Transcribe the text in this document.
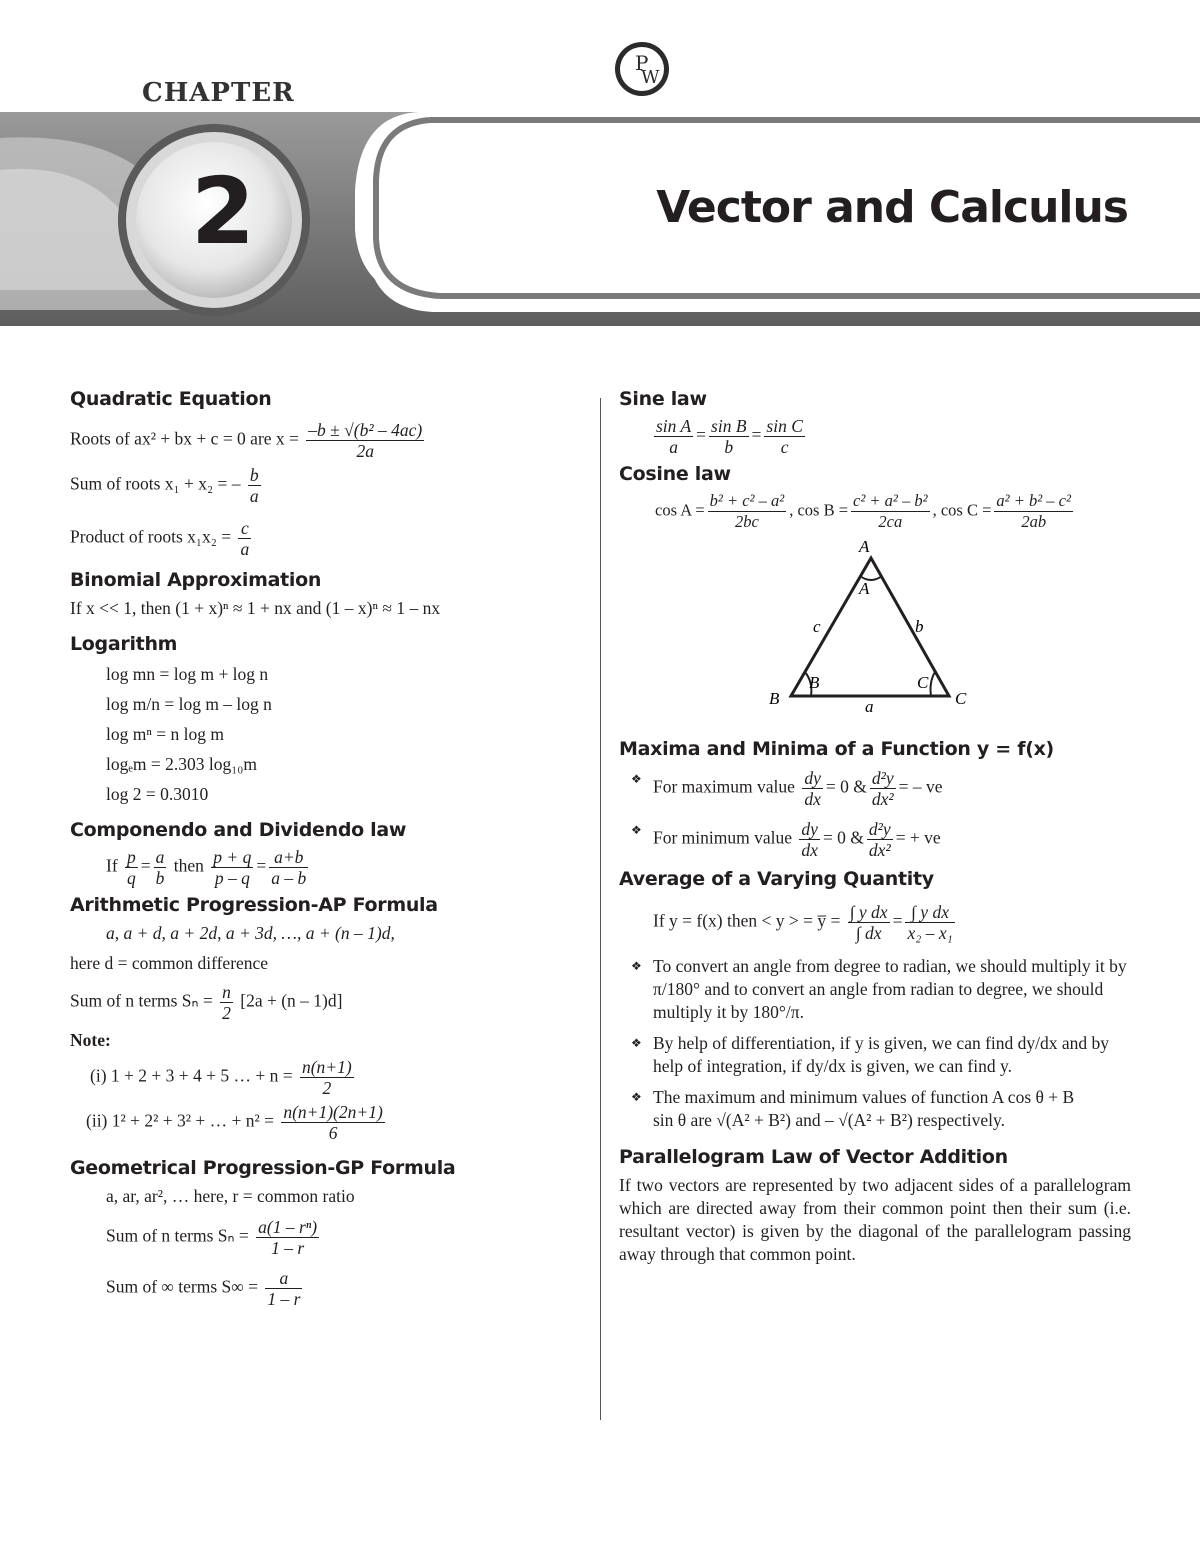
CHAPTER
P
W
2	Vector and Calculus
Quadratic Equation
Roots of ax² + bx + c = 0 are $x = \frac{\text{–b ± √(b² – 4ac)}}{2a}$
Sum of roots x₁ + x₂ = – $\frac{b}{a}$
Product of roots $x_1x_2 = \frac{c}{a}$
Binomial Approximation
If x << 1, then (1 + x)ⁿ ≈ 1 + nx and (1 – x)ⁿ ≈ 1 – nx
Logarithm
log mn = log m + log n
log m/n = log m – log n
log mⁿ = n log m
logₑm = 2.303 log₁₀m
log 2 = 0.3010
Componendo and Dividendo law
If $\frac{p}{q} = \frac{a}{b}$ then $\frac{p + q}{p - q} = \frac{a+b}{a - b}$
Arithmetic Progression-AP Formula
a, a + d, a + 2d, a + 3d, …, a + (n – 1)d,
here d = common difference
Sum of n terms $S_n = \frac{n}{2} [2a + (n - 1)d]$
Note:
(i) 1 + 2 + 3 + 4 + 5 … + $n = \frac{n(n+1)}{2}$
(ii) 1² + 2² + 3² + … + $n^2 = \frac{n(n+1)(2n+1)}{6}$
Geometrical Progression-GP Formula
a, ar, ar², … here, r = common ratio
Sum of n terms $S_n = \frac{\text{a(1 – rⁿ)}}{1 - r}$
Sum of ∞ terms $S\infty = \frac{a}{1 - r}$
Sine law
$\frac{\text{sin A}}{a} = \frac{\text{sin B}}{b} = \frac{\text{sin C}}{c}$
Cosine law
$\cos A = \frac{\text{b² + c² – a²}}{2bc}$ , $\cos B = \frac{\text{c² + a² – b²}}{2ca}$ , $\cos C = \frac{\text{a² + b² – c²}}{2ab}$
A
A
B
B
C
C
a
b
c
Maxima and Minima of a Function y = f(x)
❖ For maximum value $\frac{dy}{dx} = 0$ & $\frac{\text{d²y}}{\text{dx²}}$ = – ve
❖ For minimum value $\frac{dy}{dx} = 0$ & $\frac{\text{d²y}}{\text{dx²}}$ = + ve
Average of a Varying Quantity
If y = f(x) then < y > = y̅ = $\frac{\text{∫ y dx}}{\int dx} = \frac{\text{∫ y dx}}{\text{x₂ – x₁}}$
❖ To convert an angle from degree to radian, we should multiply it by π/180° and to convert an angle from radian to degree, we should multiply it by 180°/π.
❖ By help of differentiation, if y is given, we can find dy/dx and by help of integration, if dy/dx is given, we can find y.
❖ The maximum and minimum values of function A cos θ + B
sin θ are √(A² + B²) and – √(A² + B²) respectively.
Parallelogram Law of Vector Addition
If two vectors are represented by two adjacent sides of a parallelogram which are directed away from their common point then their sum (i.e. resultant vector) is given by the diagonal of the parallelogram passing away through that common point.
